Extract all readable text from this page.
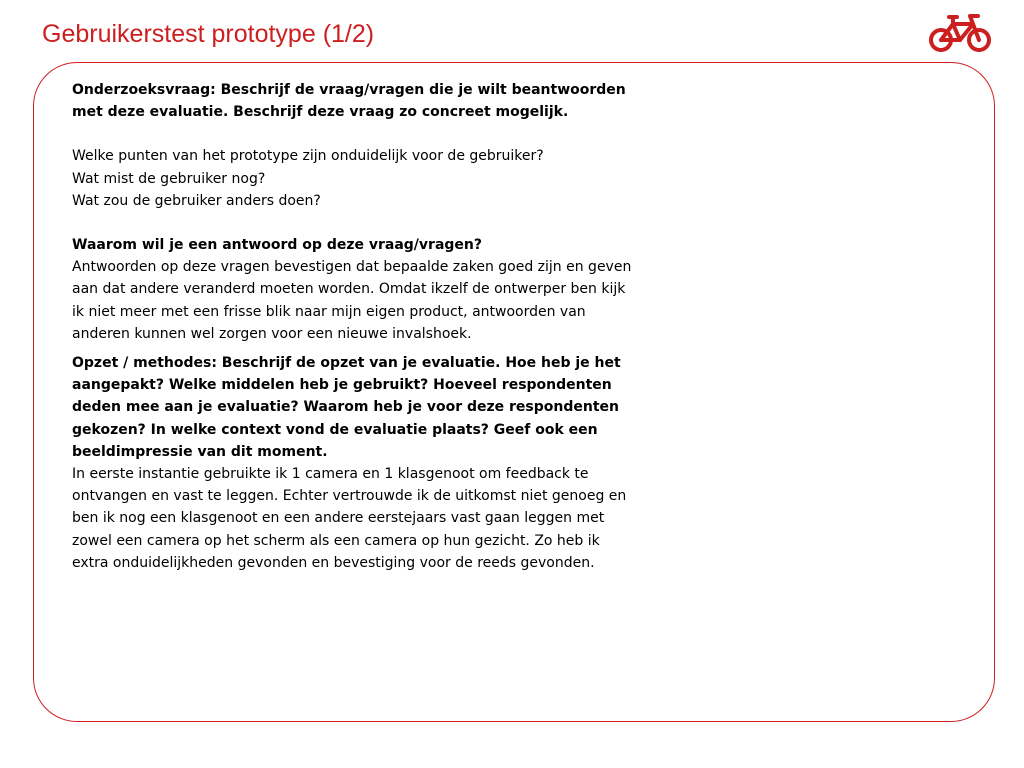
Gebruikerstest prototype (1/2)

Onderzoeksvraag: Beschrijf de vraag/vragen die je wilt beantwoorden met deze evaluatie. Beschrijf deze vraag zo concreet mogelijk.

Welke punten van het prototype zijn onduidelijk voor de gebruiker?

Wat mist de gebruiker nog?

Wat zou de gebruiker anders doen?

Waarom wil je een antwoord op deze vraag/vragen?

Antwoorden op deze vragen bevestigen dat bepaalde zaken goed zijn en geven aan dat andere veranderd moeten worden. Omdat ikzelf de ontwerper ben kijk ik niet meer met een frisse blik naar mijn eigen product, antwoorden van anderen kunnen wel zorgen voor een nieuwe invalshoek.

Opzet / methodes: Beschrijf de opzet van je evaluatie. Hoe heb je het aangepakt? Welke middelen heb je gebruikt? Hoeveel respondenten deden mee aan je evaluatie? Waarom heb je voor deze respondenten gekozen? In welke context vond de evaluatie plaats? Geef ook een beeldimpressie van dit moment.

In eerste instantie gebruikte ik 1 camera en 1 klasgenoot om feedback te ontvangen en vast te leggen. Echter vertrouwde ik de uitkomst niet genoeg en ben ik nog een klasgenoot en een andere eerstejaars vast gaan leggen met zowel een camera op het scherm als een camera op hun gezicht. Zo heb ik extra onduidelijkheden gevonden en bevestiging voor de reeds gevonden.
